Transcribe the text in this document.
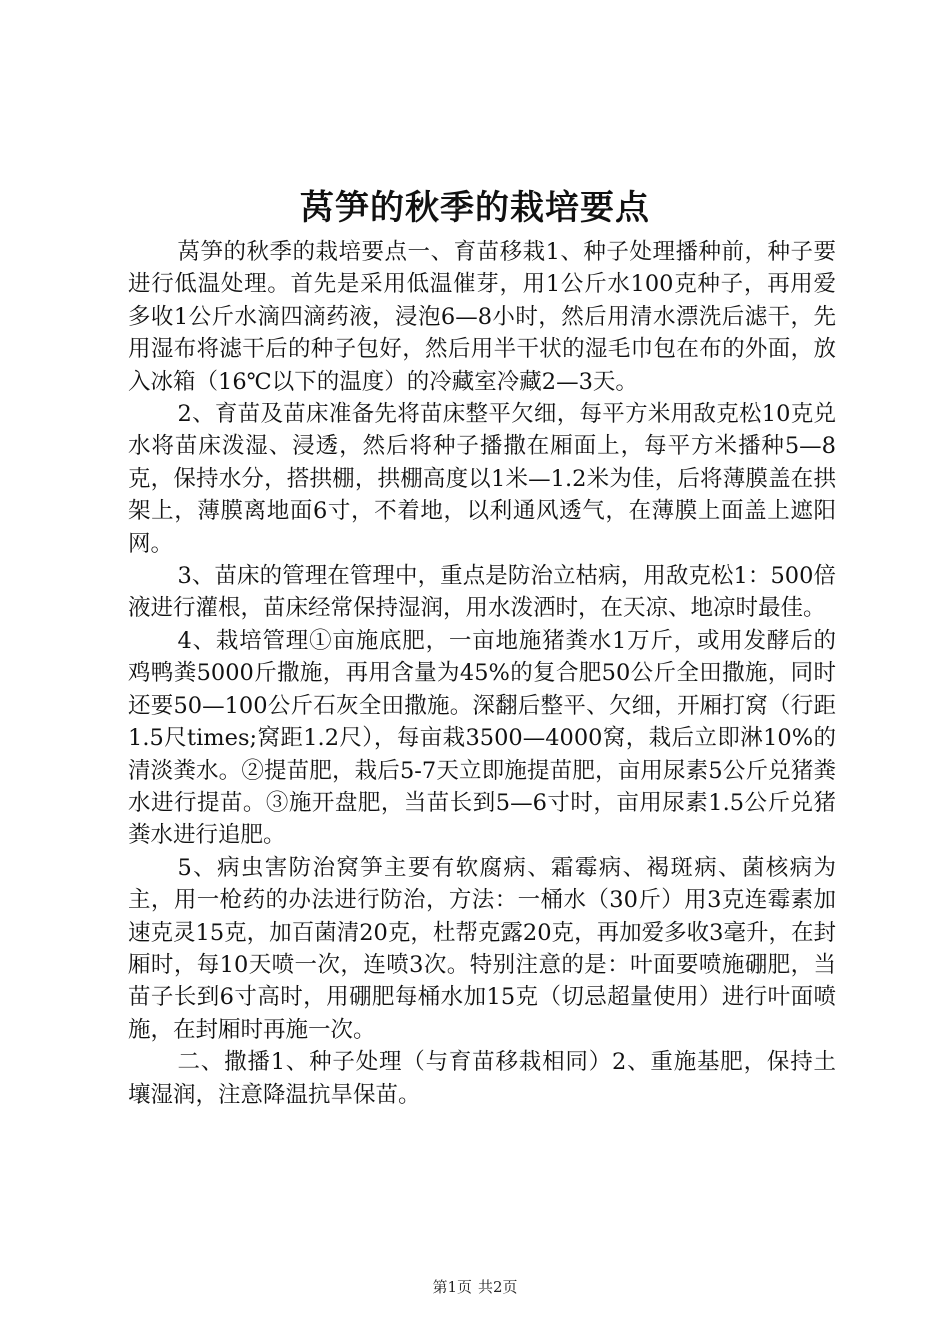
莴笋的秋季的栽培要点

莴笋的秋季的栽培要点一、育苗移栽1、种子处理播种前，种子要进行低温处理。首先是采用低温催芽，用1公斤水100克种子，再用爱多收1公斤水滴四滴药液，浸泡6—8小时，然后用清水漂洗后滤干，先用湿布将滤干后的种子包好，然后用半干状的湿毛巾包在布的外面，放入冰箱（16℃以下的温度）的冷藏室冷藏2—3天。

2、育苗及苗床准备先将苗床整平欠细，每平方米用敌克松10克兑水将苗床泼湿、浸透，然后将种子播撒在厢面上，每平方米播种5—8克，保持水分，搭拱棚，拱棚高度以1米—1.2米为佳，后将薄膜盖在拱架上，薄膜离地面6寸，不着地，以利通风透气，在薄膜上面盖上遮阳网。

3、苗床的管理在管理中，重点是防治立枯病，用敌克松1：500倍液进行灌根，苗床经常保持湿润，用水泼洒时，在天凉、地凉时最佳。

4、栽培管理①亩施底肥，一亩地施猪粪水1万斤，或用发酵后的鸡鸭粪5000斤撒施，再用含量为45%的复合肥50公斤全田撒施，同时还要50—100公斤石灰全田撒施。深翻后整平、欠细，开厢打窝（行距1.5尺times;窝距1.2尺），每亩栽3500—4000窝，栽后立即淋10%的清淡粪水。②提苗肥，栽后5-7天立即施提苗肥，亩用尿素5公斤兑猪粪水进行提苗。③施开盘肥，当苗长到5—6寸时，亩用尿素1.5公斤兑猪粪水进行追肥。

5、病虫害防治窝笋主要有软腐病、霜霉病、褐斑病、菌核病为主，用一枪药的办法进行防治，方法：一桶水（30斤）用3克连霉素加速克灵15克，加百菌清20克，杜帮克露20克，再加爱多收3毫升，在封厢时，每10天喷一次，连喷3次。特别注意的是：叶面要喷施硼肥，当苗子长到6寸高时，用硼肥每桶水加15克（切忌超量使用）进行叶面喷施，在封厢时再施一次。

二、撒播1、种子处理（与育苗移栽相同）2、重施基肥，保持土壤湿润，注意降温抗旱保苗。

第1页 共2页
